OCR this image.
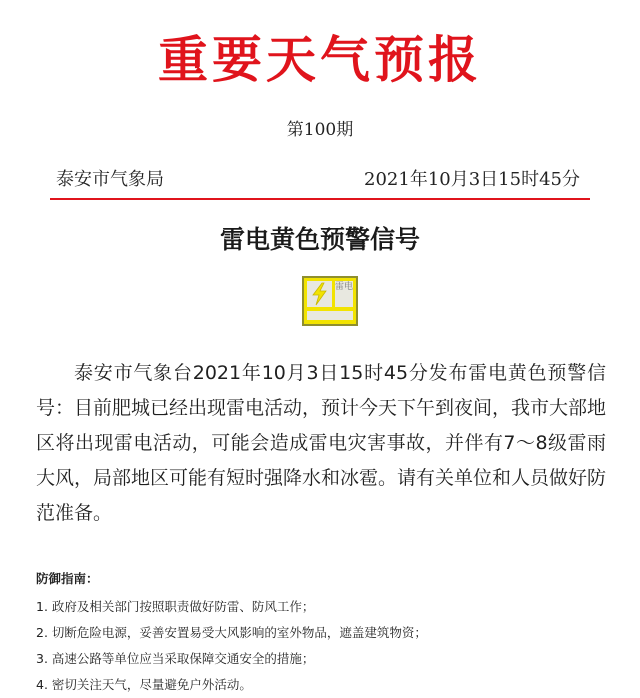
重要天气预报
第100期
泰安市气象局	2021年10月3日15时45分
雷电黄色预警信号
雷电
泰安市气象台2021年10月3日15时45分发布雷电黄色预警信号：目前肥城已经出现雷电活动，预计今天下午到夜间，我市大部地区将出现雷电活动，可能会造成雷电灾害事故，并伴有7～8级雷雨大风，局部地区可能有短时强降水和冰雹。请有关单位和人员做好防范准备。
防御指南：
1. 政府及相关部门按照职责做好防雷、防风工作；
2. 切断危险电源，妥善安置易受大风影响的室外物品，遮盖建筑物资；
3. 高速公路等单位应当采取保障交通安全的措施；
4. 密切关注天气，尽量避免户外活动。
